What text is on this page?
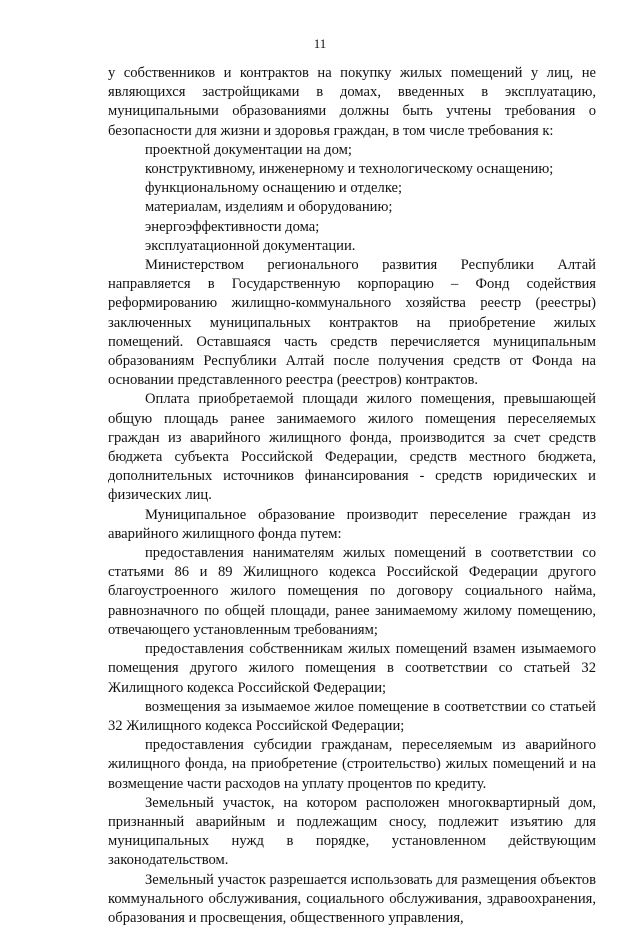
11

у собственников и контрактов на покупку жилых помещений у лиц, не являющихся застройщиками в домах, введенных в эксплуатацию, муниципальными образованиями должны быть учтены требования о безопасности для жизни и здоровья граждан, в том числе требования к:

проектной документации на дом;

конструктивному, инженерному и технологическому оснащению;

функциональному оснащению и отделке;

материалам, изделиям и оборудованию;

энергоэффективности дома;

эксплуатационной документации.

Министерством регионального развития Республики Алтай направляется в Государственную корпорацию – Фонд содействия реформированию жилищно-коммунального хозяйства реестр (реестры) заключенных муниципальных контрактов на приобретение жилых помещений. Оставшаяся часть средств перечисляется муниципальным образованиям Республики Алтай после получения средств от Фонда на основании представленного реестра (реестров) контрактов.

Оплата приобретаемой площади жилого помещения, превышающей общую площадь ранее занимаемого жилого помещения переселяемых граждан из аварийного жилищного фонда, производится за счет средств бюджета субъекта Российской Федерации, средств местного бюджета, дополнительных источников финансирования - средств юридических и физических лиц.

Муниципальное образование производит переселение граждан из аварийного жилищного фонда путем:

предоставления нанимателям жилых помещений в соответствии со статьями 86 и 89 Жилищного кодекса Российской Федерации другого благоустроенного жилого помещения по договору социального найма, равнозначного по общей площади, ранее занимаемому жилому помещению, отвечающего установленным требованиям;

предоставления собственникам жилых помещений взамен изымаемого помещения другого жилого помещения в соответствии со статьей 32 Жилищного кодекса Российской Федерации;

возмещения за изымаемое жилое помещение в соответствии со статьей 32 Жилищного кодекса Российской Федерации;

предоставления субсидии гражданам, переселяемым из аварийного жилищного фонда, на приобретение (строительство) жилых помещений и на возмещение части расходов на уплату процентов по кредиту.

Земельный участок, на котором расположен многоквартирный дом, признанный аварийным и подлежащим сносу, подлежит изъятию для муниципальных нужд в порядке, установленном действующим законодательством.

Земельный участок разрешается использовать для размещения объектов коммунального обслуживания, социального обслуживания, здравоохранения, образования и просвещения, общественного управления,
